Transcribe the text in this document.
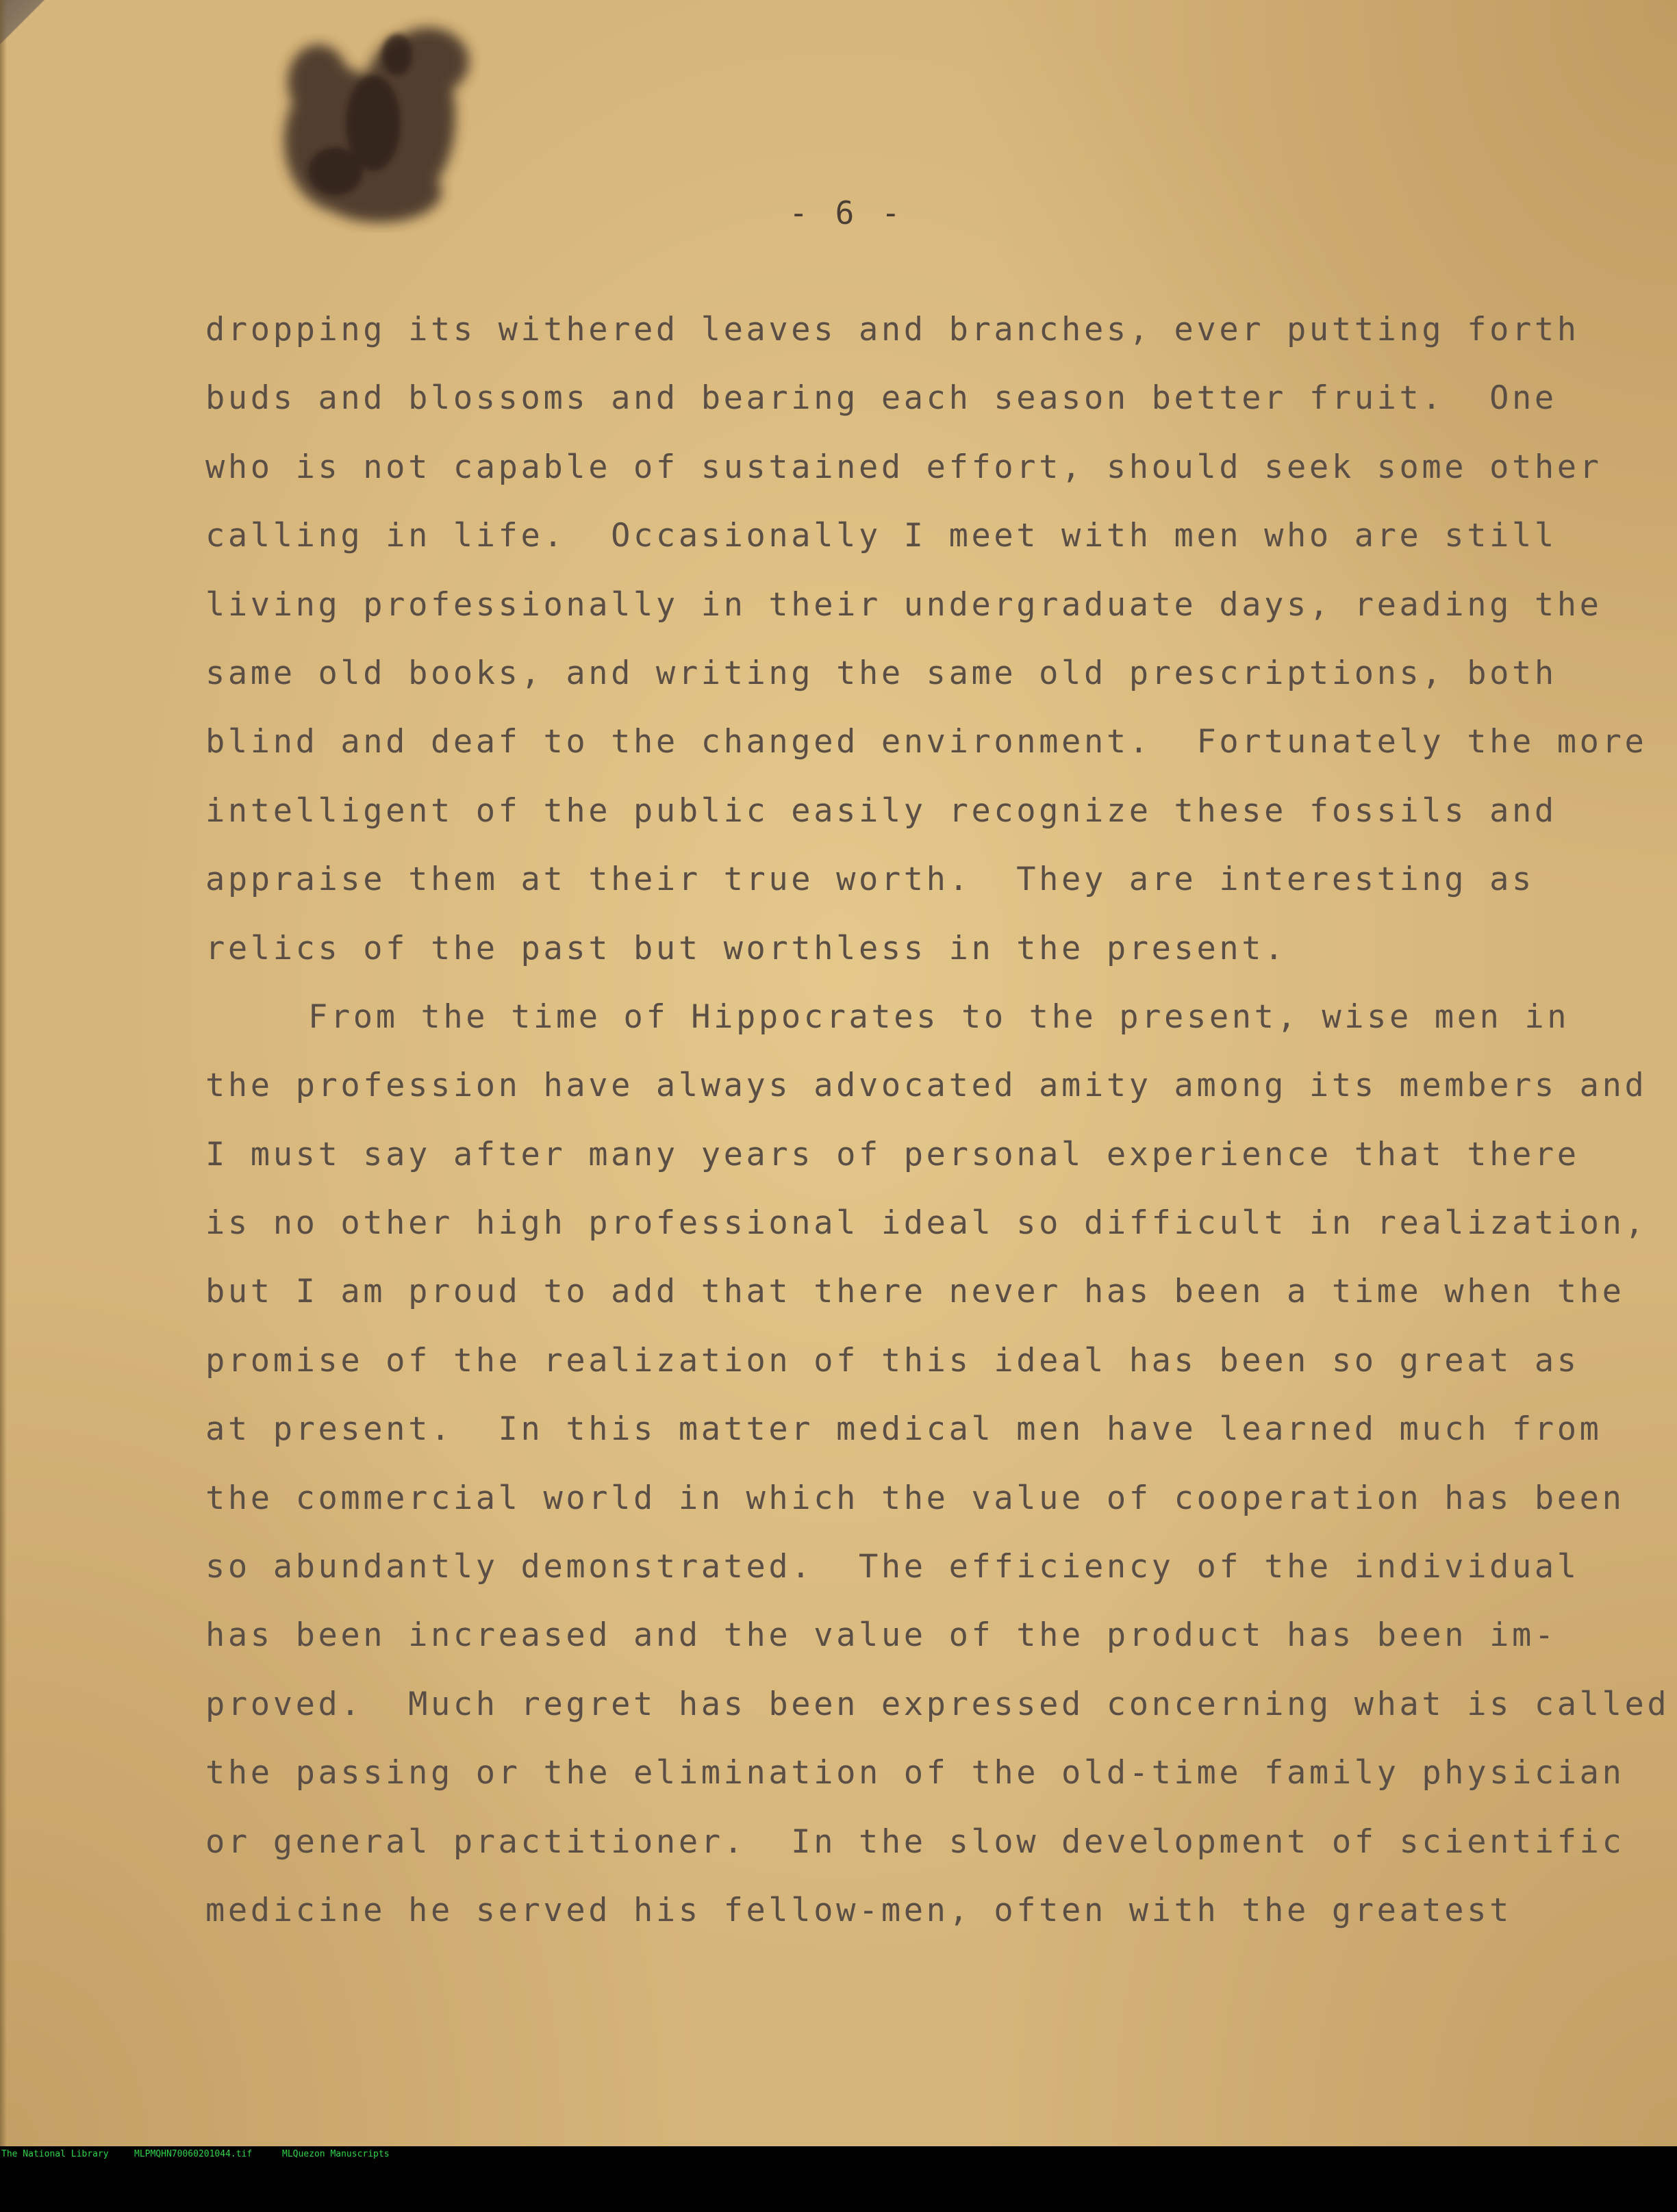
- 6 -
dropping its withered leaves and branches, ever putting forth
buds and blossoms and bearing each season better fruit.  One
who is not capable of sustained effort, should seek some other
calling in life.  Occasionally I meet with men who are still
living professionally in their undergraduate days, reading the
same old books, and writing the same old prescriptions, both
blind and deaf to the changed environment.  Fortunately the more
intelligent of the public easily recognize these fossils and
appraise them at their true worth.  They are interesting as
relics of the past but worthless in the present.
From the time of Hippocrates to the present, wise men in
the profession have always advocated amity among its members and
I must say after many years of personal experience that there
is no other high professional ideal so difficult in realization,
but I am proud to add that there never has been a time when the
promise of the realization of this ideal has been so great as
at present.  In this matter medical men have learned much from
the commercial world in which the value of cooperation has been
so abundantly demonstrated.  The efficiency of the individual
has been increased and the value of the product has been im-
proved.  Much regret has been expressed concerning what is called
the passing or the elimination of the old-time family physician
or general practitioner.  In the slow development of scientific
medicine he served his fellow-men, often with the greatest

The National Library

	MLPMQHN70060201044.tif

	MLQuezon Manuscripts
